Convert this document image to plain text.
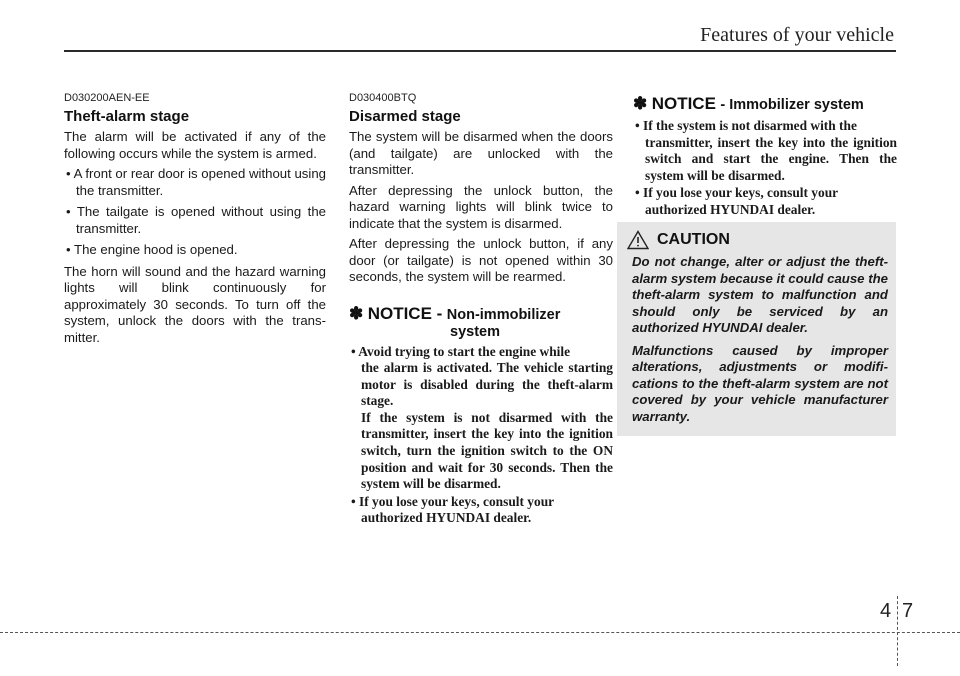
Features of your vehicle
D030200AEN-EE
Theft-alarm stage

The alarm will be activated if any of the following occurs while the system is armed.

• A front or rear door is opened without using the transmitter.
• The tailgate is opened without using the transmitter.
• The engine hood is opened.

The horn will sound and the hazard warning lights will blink continuously for approximately 30 seconds. To turn off the system, unlock the doors with the trans-mitter.

D030400BTQ
Disarmed stage

The system will be disarmed when the doors (and tailgate) are unlocked with the transmitter.

After depressing the unlock button, the hazard warning lights will blink twice to indicate that the system is disarmed.

After depressing the unlock button, if any door (or tailgate) is not opened within 30 seconds, the system will be rearmed.

✽ NOTICE - Non-immobilizer
system
• Avoid trying to start the engine while
the alarm is activated. The vehicle starting motor is disabled during the theft-alarm stage.
If the system is not disarmed with the transmitter, insert the key into the ignition switch, turn the ignition switch to the ON position and wait for 30 seconds. Then the system will be disarmed.
• If you lose your keys, consult your
authorized HYUNDAI dealer.
✽ NOTICE - Immobilizer system
• If the system is not disarmed with the
transmitter, insert the key into the ignition switch and start the engine. Then the system will be disarmed.
• If you lose your keys, consult your
authorized HYUNDAI dealer.
CAUTION

Do not change, alter or adjust the theft-alarm system because it could cause the theft-alarm system to malfunction and should only be serviced by an authorized HYUNDAI dealer.

Malfunctions caused by improper alterations, adjustments or modifi-cations to the theft-alarm system are not covered by your vehicle manufacturer warranty.

4 7
